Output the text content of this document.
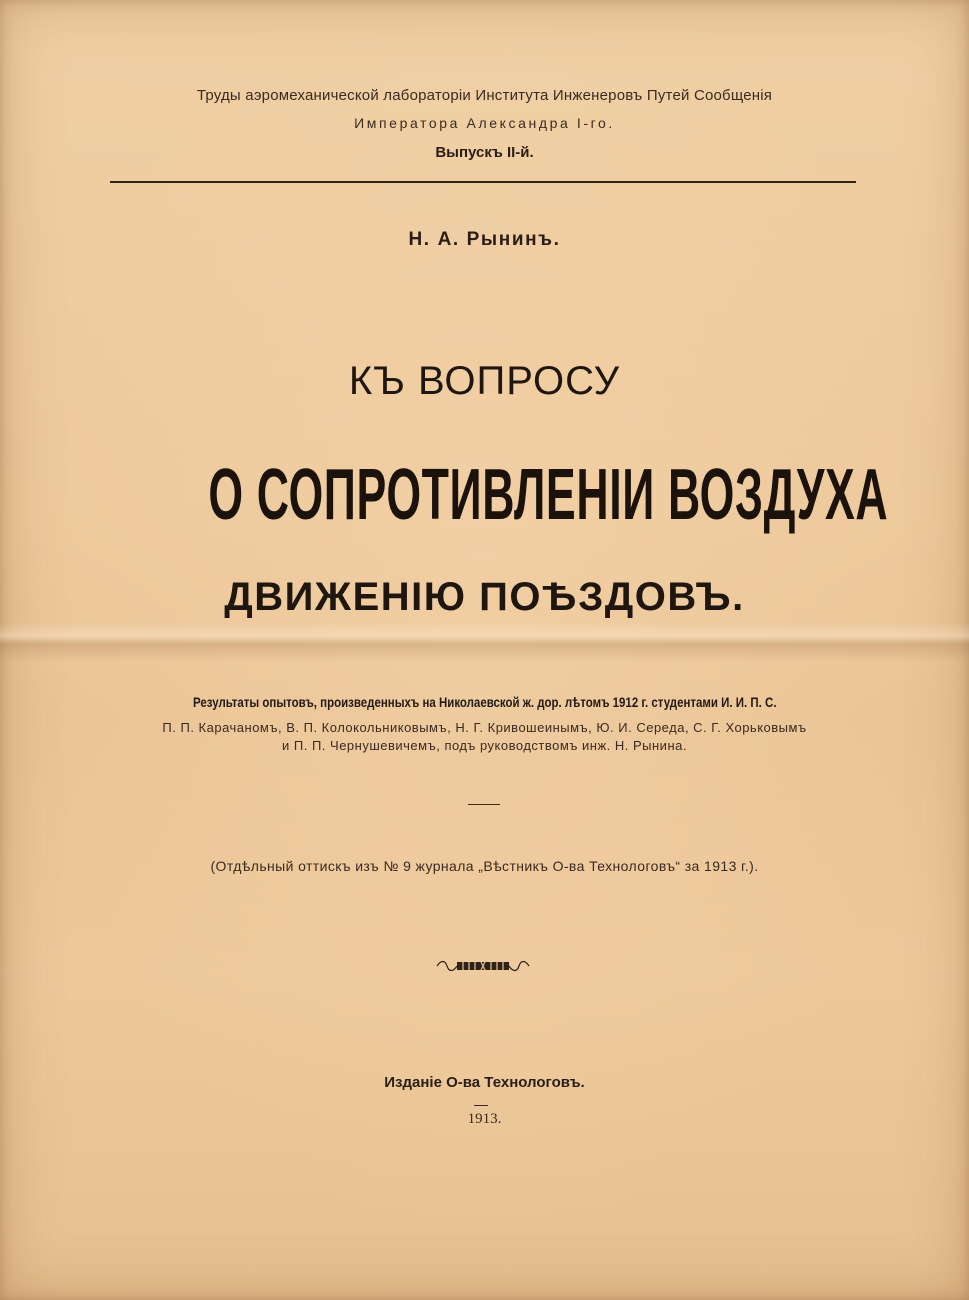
Труды аэромеханической лабораторіи Института Инженеровъ Путей Сообщенія
Императора Александра I-го.
Выпускъ II-й.
Н. А. Рынинъ.
КЪ ВОПРОСУ
О СОПРОТИВЛЕНІИ ВОЗДУХА
ДВИЖЕНІЮ ПОѢЗДОВЪ.
Результаты опытовъ, произведенныхъ на Николаевской ж. дор. лѣтомъ 1912 г. студентами И. И. П. С.
П. П. Карачаномъ, В. П. Колокольниковымъ, Н. Г. Кривошеинымъ, Ю. И. Середа, С. Г. Хорьковымъ
и П. П. Чернушевичемъ, подъ руководствомъ инж. Н. Рынина.
(Отдѣльный оттискъ изъ № 9 журнала „Вѣстникъ О-ва Технологовъ“ за 1913 г.).
Изданіе О-ва Технологовъ.
1913.
